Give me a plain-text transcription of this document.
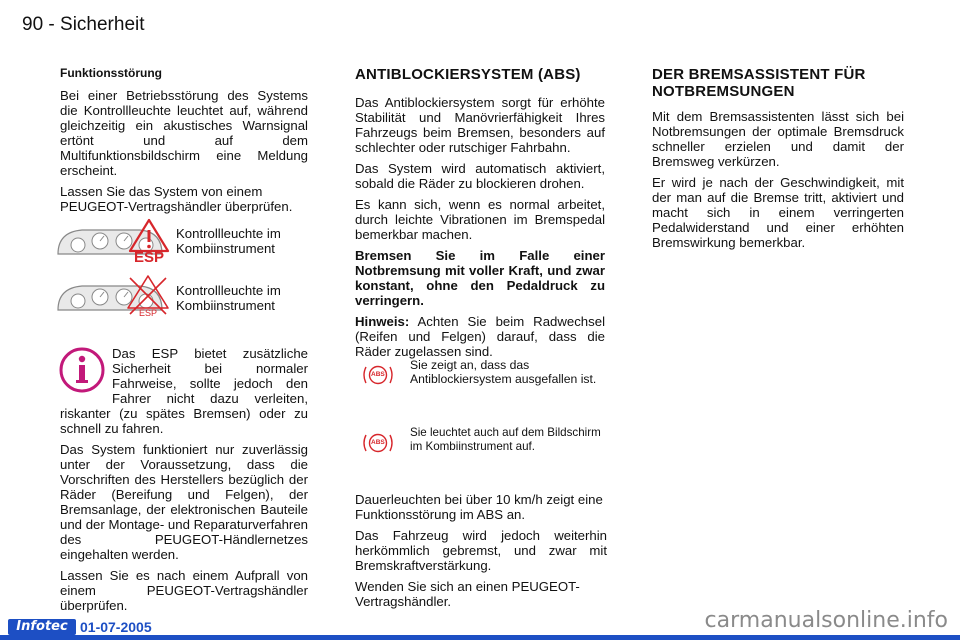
90 - Sicherheit
Funktionsstörung

Bei einer Betriebsstörung des Systems die Kontrollleuchte leuchtet auf, während gleichzeitig ein akustisches Warnsignal ertönt und auf dem Multifunktionsbildschirm eine Meldung erscheint.

Lassen Sie das System von einem PEUGEOT-Vertragshändler überprüfen.

ESP
Kontrollleuchte im Kombiinstrument
ESP
Kontrollleuchte im Kombiinstrument

Das ESP bietet zusätzliche Sicherheit bei normaler Fahrweise, sollte jedoch den Fahrer nicht dazu verleiten, riskanter (zu spätes Bremsen) oder zu schnell zu fahren.

Das System funktioniert nur zuverlässig unter der Voraussetzung, dass die Vorschriften des Herstellers bezüglich der Räder (Bereifung und Felgen), der Bremsanlage, der elektronischen Bauteile und der Montage- und Reparaturverfahren des PEUGEOT-Händlernetzes eingehalten werden.

Lassen Sie es nach einem Aufprall von einem PEUGEOT-Vertragshändler überprüfen.

ANTIBLOCKIERSYSTEM (ABS)

Das Antiblockiersystem sorgt für erhöhte Stabilität und Manövrierfähigkeit Ihres Fahrzeugs beim Bremsen, besonders auf schlechter oder rutschiger Fahrbahn.

Das System wird automatisch aktiviert, sobald die Räder zu blockieren drohen.

Es kann sich, wenn es normal arbeitet, durch leichte Vibrationen im Bremspedal bemerkbar machen.

Bremsen Sie im Falle einer Notbremsung mit voller Kraft, und zwar konstant, ohne den Pedaldruck zu verringern.

Hinweis: Achten Sie beim Radwechsel (Reifen und Felgen) darauf, dass die Räder zugelassen sind.

ABS
Sie zeigt an, dass das Antiblockiersystem ausgefallen ist.
ABS
Sie leuchtet auch auf dem Bildschirm im Kombiinstrument auf.

Dauerleuchten bei über 10 km/h zeigt eine Funktionsstörung im ABS an.

Das Fahrzeug wird jedoch weiterhin herkömmlich gebremst, und zwar mit Bremskraftverstärkung.

Wenden Sie sich an einen PEUGEOT-Vertragshändler.

DER BREMSASSISTENT FÜR NOTBREMSUNGEN

Mit dem Bremsassistenten lässt sich bei Notbremsungen der optimale Bremsdruck schneller erzielen und damit der Bremsweg verkürzen.

Er wird je nach der Geschwindigkeit, mit der man auf die Bremse tritt, aktiviert und macht sich in einem verringerten Pedalwiderstand und einer erhöhten Bremswirkung bemerkbar.

Infotec 01-07-2005	carmanualsonline.info
